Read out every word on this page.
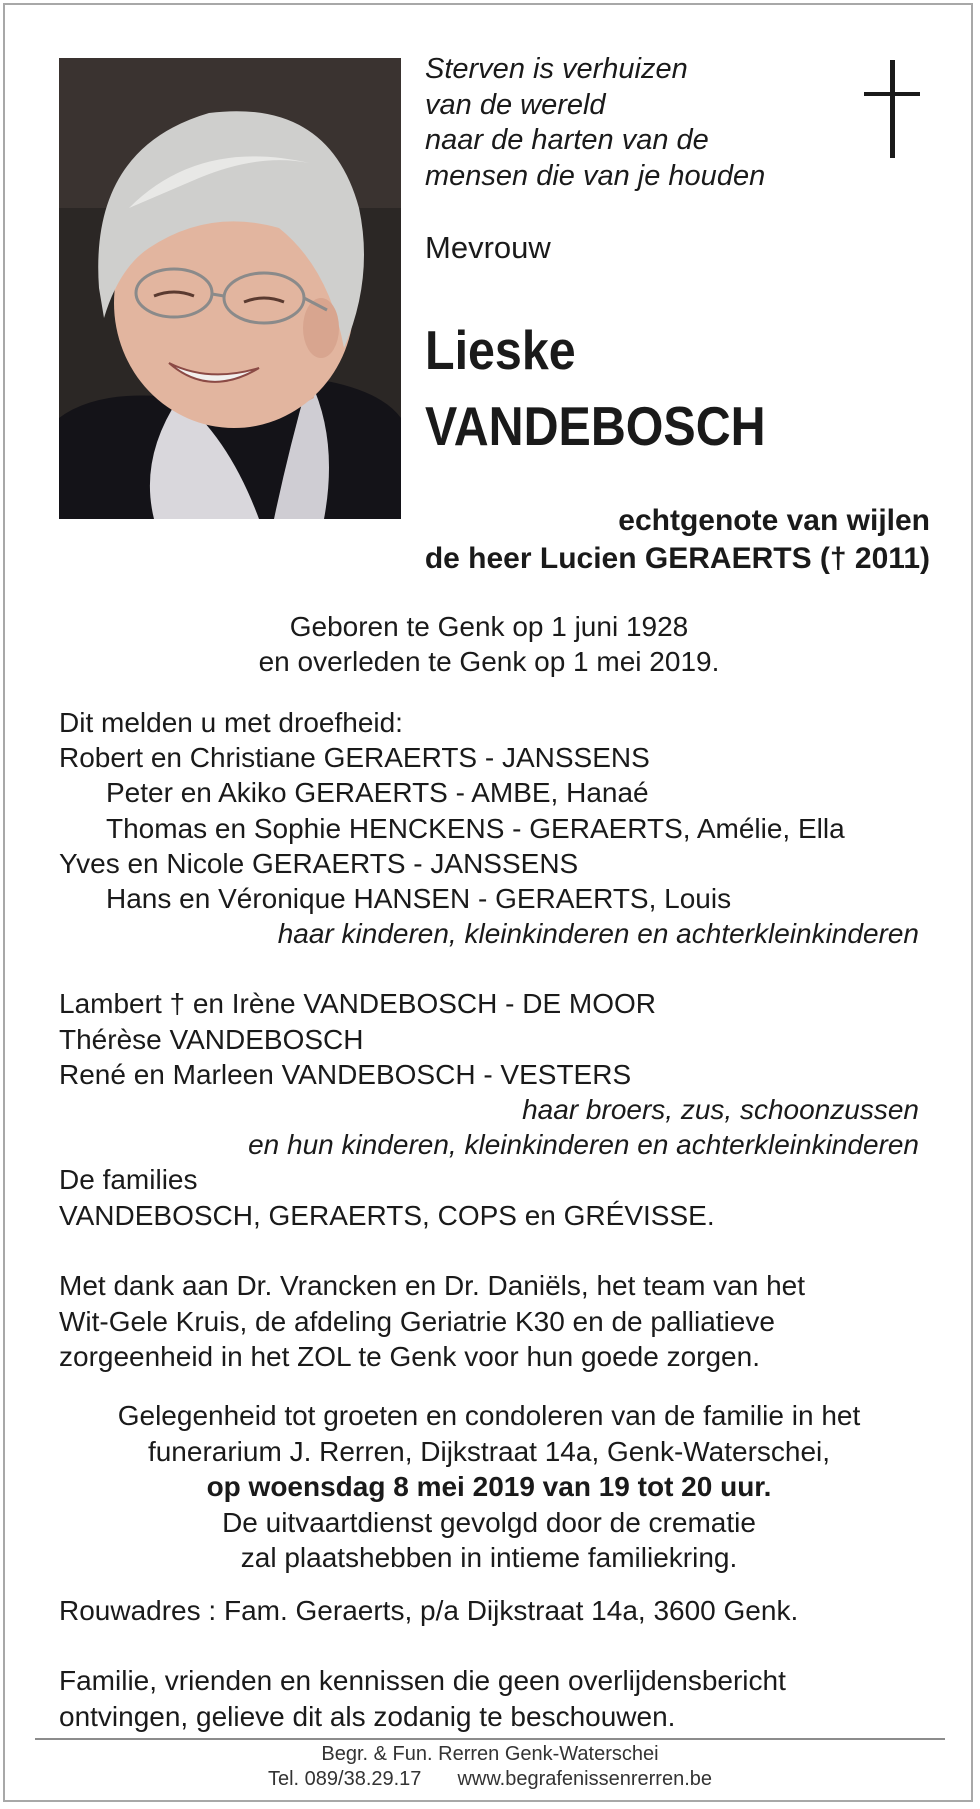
Sterven is verhuizen
van de wereld
naar de harten van de
mensen die van je houden
Mevrouw
Lieske
VANDEBOSCH
echtgenote van wijlen
de heer Lucien GERAERTS († 2011)
Geboren te Genk op 1 juni 1928
en overleden te Genk op 1 mei 2019.
Dit melden u met droefheid:
Robert en Christiane GERAERTS - JANSSENS
Peter en Akiko GERAERTS - AMBE, Hanaé
Thomas en Sophie HENCKENS - GERAERTS, Amélie, Ella
Yves en Nicole GERAERTS - JANSSENS
Hans en Véronique HANSEN - GERAERTS, Louis
haar kinderen, kleinkinderen en achterkleinkinderen
Lambert † en Irène VANDEBOSCH - DE MOOR
Thérèse VANDEBOSCH
René en Marleen VANDEBOSCH - VESTERS
haar broers, zus, schoonzussen
en hun kinderen, kleinkinderen en achterkleinkinderen
De families
VANDEBOSCH, GERAERTS, COPS en GRÉVISSE.
Met dank aan Dr. Vrancken en Dr. Daniëls, het team van het
Wit-Gele Kruis, de afdeling Geriatrie K30 en de palliatieve
zorgeenheid in het ZOL te Genk voor hun goede zorgen.
Gelegenheid tot groeten en condoleren van de familie in het
funerarium J. Rerren, Dijkstraat 14a, Genk-Waterschei,
op woensdag 8 mei 2019 van 19 tot 20 uur.
De uitvaartdienst gevolgd door de crematie
zal plaatshebben in intieme familiekring.
Rouwadres : Fam. Geraerts, p/a Dijkstraat 14a, 3600 Genk.
Familie, vrienden en kennissen die geen overlijdensbericht
ontvingen, gelieve dit als zodanig te beschouwen.
Begr. & Fun. Rerren Genk-Waterschei
Tel. 089/38.29.17 www.begrafenissenrerren.be
